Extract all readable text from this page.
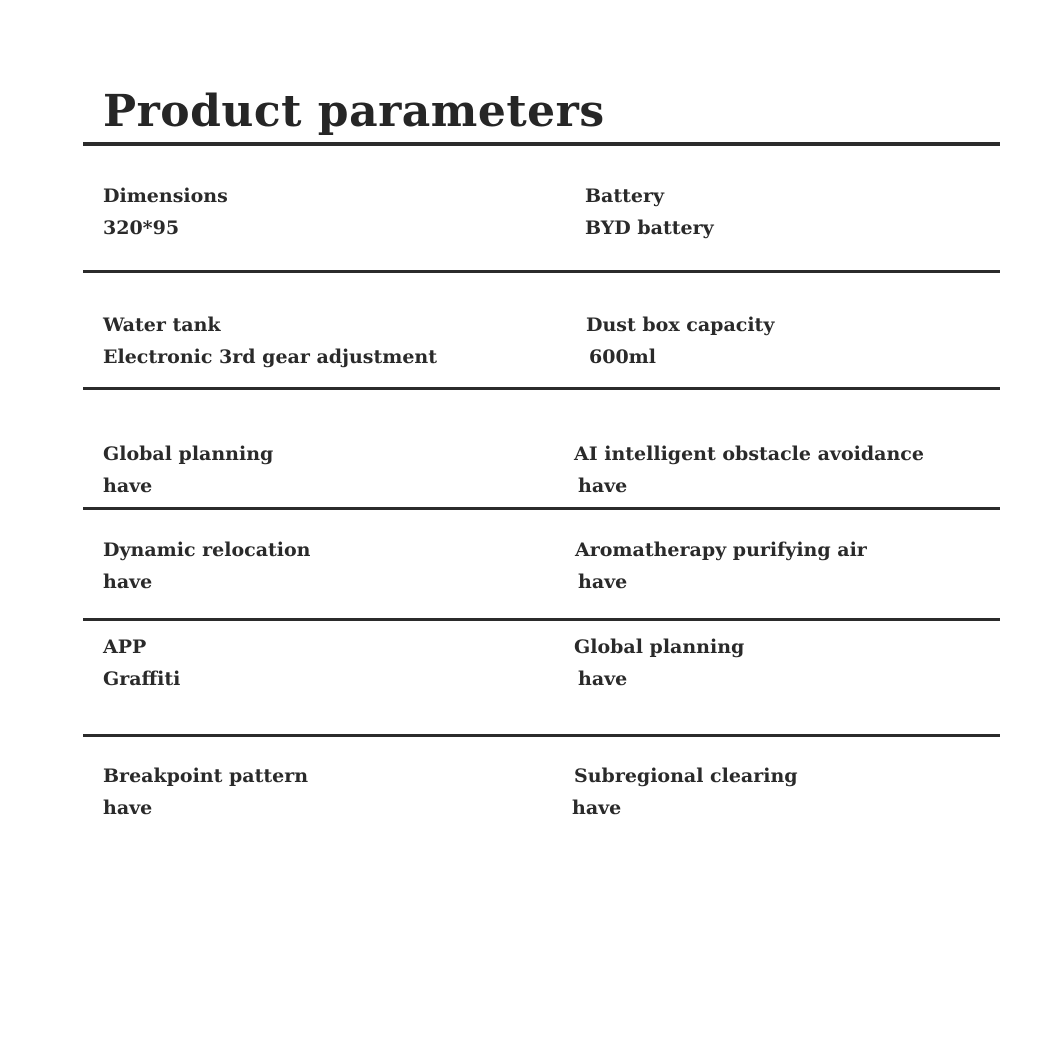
Product parameters
Dimensions
320*95
Battery
BYD battery
Water tank
Electronic 3rd gear adjustment
Dust box capacity
600ml
Global planning
have
AI intelligent obstacle avoidance
have
Dynamic relocation
have
Aromatherapy purifying air
have
APP
Graffiti
Global planning
have
Breakpoint pattern
have
Subregional clearing
have
